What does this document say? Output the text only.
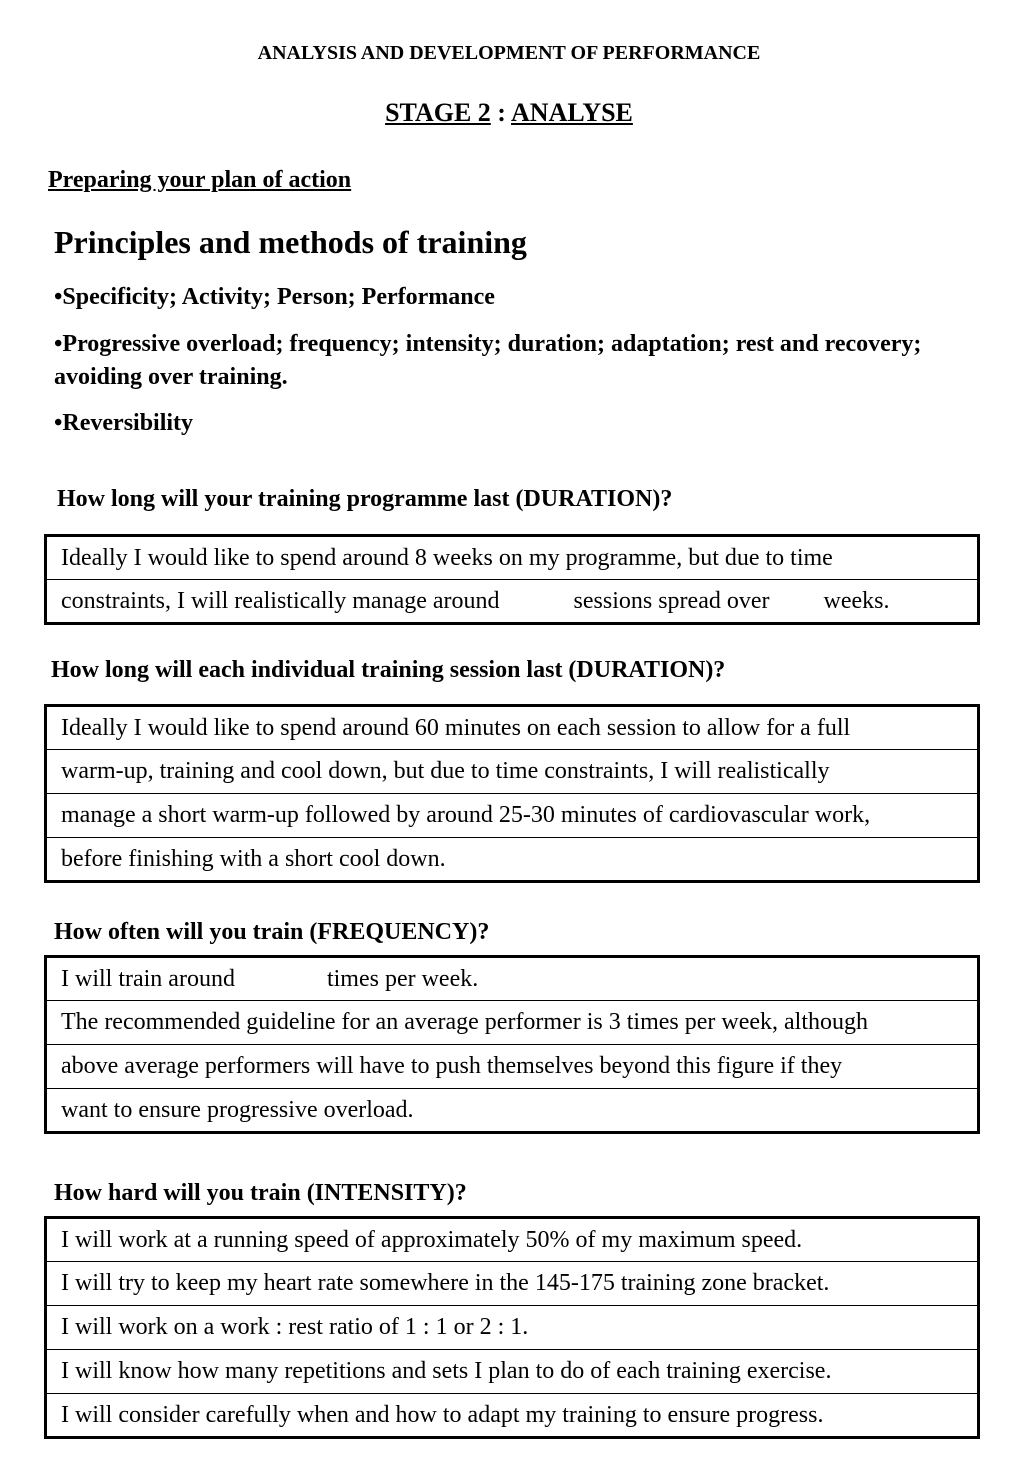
ANALYSIS AND DEVELOPMENT OF PERFORMANCE
STAGE 2 : ANALYSE
Preparing your plan of action
Principles and methods of training
•Specificity; Activity; Person; Performance
•Progressive overload; frequency; intensity; duration; adaptation; rest and recovery; avoiding over training.
•Reversibility
How long will your training programme last (DURATION)?
Ideally I would like to spend around 8 weeks on my programme, but due to time
constraints, I will realistically manage around	sessions spread over weeks.
How long will each individual training session last (DURATION)?
Ideally I would like to spend around 60 minutes on each session to allow for a full
warm-up, training and cool down, but due to time constraints, I will realistically
manage a short warm-up followed by around 25-30 minutes of cardiovascular work,
before finishing with a short cool down.
How often will you train (FREQUENCY)?
I will train around	times per week.
The recommended guideline for an average performer is 3 times per week, although
above average performers will have to push themselves beyond this figure if they
want to ensure progressive overload.
How hard will you train (INTENSITY)?
I will work at a running speed of approximately 50% of my maximum speed.
I will try to keep my heart rate somewhere in the 145-175 training zone bracket.
I will work on a work : rest ratio of 1 : 1 or 2 : 1.
I will know how many repetitions and sets I plan to do of each training exercise.
I will consider carefully when and how to adapt my training to ensure progress.
